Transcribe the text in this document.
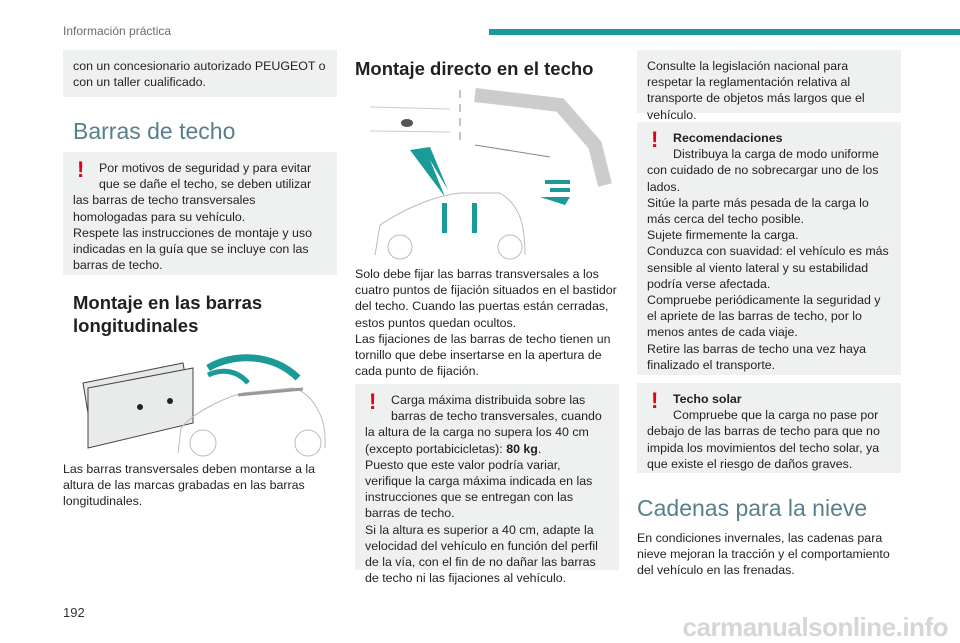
Información práctica
con un concesionario autorizado PEUGEOT o con un taller cualificado.
Barras de techo
!	Por motivos de seguridad y para evitar que se dañe el techo, se deben utilizar las barras de techo transversales homologadas para su vehículo.
Respete las instrucciones de montaje y uso indicadas en la guía que se incluye con las barras de techo.
Montaje en las barras longitudinales
Las barras transversales deben montarse a la altura de las marcas grabadas en las barras longitudinales.
Montaje directo en el techo
Solo debe fijar las barras transversales a los cuatro puntos de fijación situados en el bastidor del techo. Cuando las puertas están cerradas, estos puntos quedan ocultos.
Las fijaciones de las barras de techo tienen un tornillo que debe insertarse en la apertura de cada punto de fijación.
!	Carga máxima distribuida sobre las barras de techo transversales, cuando la altura de la carga no supera los 40 cm (excepto portabicicletas): 80 kg.
Puesto que este valor podría variar, verifique la carga máxima indicada en las instrucciones que se entregan con las barras de techo.
Si la altura es superior a 40 cm, adapte la velocidad del vehículo en función del perfil de la vía, con el fin de no dañar las barras de techo ni las fijaciones al vehículo.
Consulte la legislación nacional para respetar la reglamentación relativa al transporte de objetos más largos que el vehículo.
!	Recomendaciones
Distribuya la carga de modo uniforme con cuidado de no sobrecargar uno de los lados.
Sitúe la parte más pesada de la carga lo más cerca del techo posible.
Sujete firmemente la carga.
Conduzca con suavidad: el vehículo es más sensible al viento lateral y su estabilidad podría verse afectada.
Compruebe periódicamente la seguridad y el apriete de las barras de techo, por lo menos antes de cada viaje.
Retire las barras de techo una vez haya finalizado el transporte.
!	Techo solar
Compruebe que la carga no pase por debajo de las barras de techo para que no impida los movimientos del techo solar, ya que existe el riesgo de daños graves.
Cadenas para la nieve
En condiciones invernales, las cadenas para nieve mejoran la tracción y el comportamiento del vehículo en las frenadas.
192	carmanualsonline.info
